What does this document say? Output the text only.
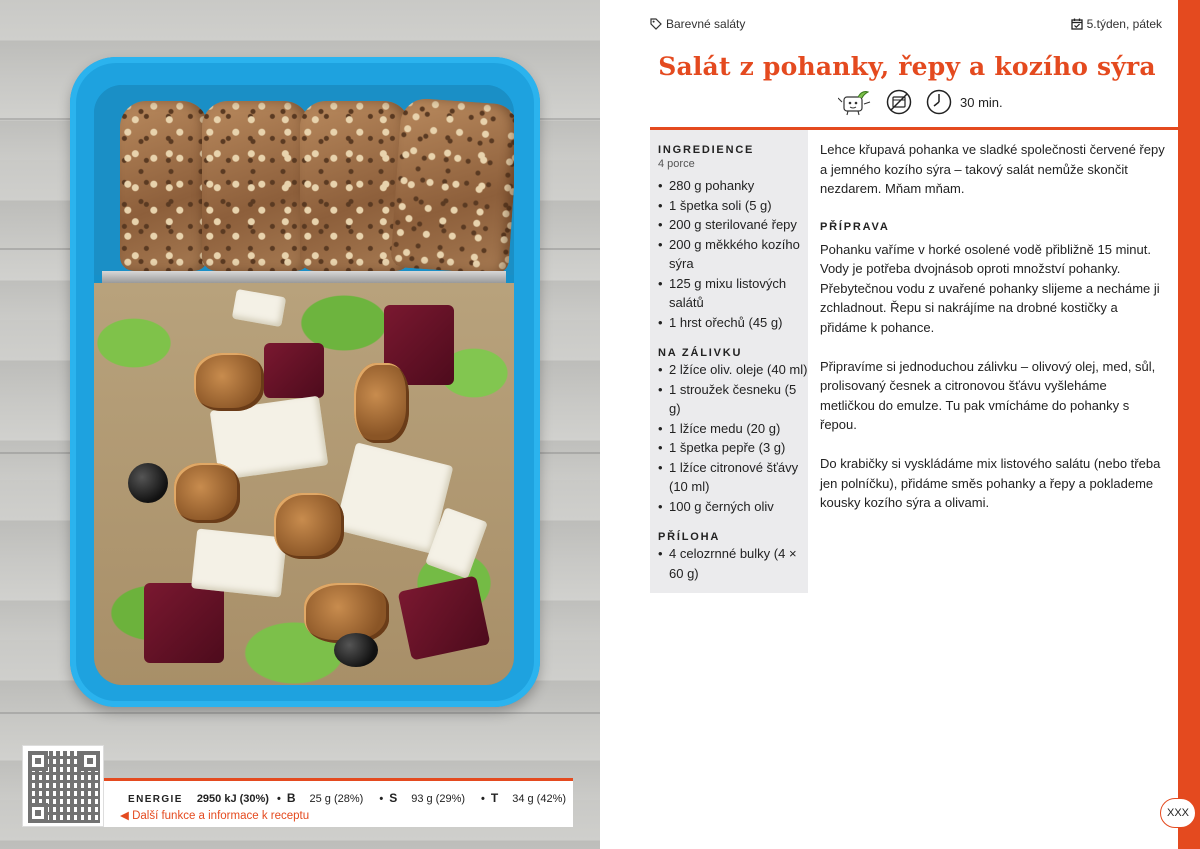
ENERGIE 2950 kJ (30%) • B 25 g (28%) • S 93 g (29%) • T 34 g (42%)
◀ Další funkce a informace k receptu
Barevné saláty	5.týden, pátek
Salát z pohanky, řepy a kozího sýra
30 min.
INGREDIENCE
4 porce
• 280 g pohanky
• 1 špetka soli (5 g)
• 200 g sterilované řepy
• 200 g měkkého kozího sýra
• 125 g mixu listových salátů
• 1 hrst ořechů (45 g)
NA ZÁLIVKU
• 2 lžíce oliv. oleje (40 ml)
• 1 stroužek česneku (5 g)
• 1 lžíce medu (20 g)
• 1 špetka pepře (3 g)
• 1 lžíce citronové šťávy (10 ml)
• 100 g černých oliv
PŘÍLOHA
• 4 celozrnné bulky (4 × 60 g)

Lehce křupavá pohanka ve sladké společnosti červené řepy a jemného kozího sýra – takový salát nemůže skončit nezdarem. Mňam mňam.

PŘÍPRAVA

Pohanku vaříme v horké osolené vodě přibližně 15 minut. Vody je potřeba dvojnásob oproti množství pohanky. Přebytečnou vodu z uvařené pohanky slijeme a necháme ji zchladnout. Řepu si nakrájíme na drobné kostičky a přidáme k pohance.

Připravíme si jednoduchou zálivku – olivový olej, med, sůl, prolisovaný česnek a citronovou šťávu vyšleháme metličkou do emulze. Tu pak vmícháme do pohanky s řepou.

Do krabičky si vyskládáme mix listového salátu (nebo třeba jen polníčku), přidáme směs pohanky a řepy a poklademe kousky kozího sýra a olivami.

XXX
